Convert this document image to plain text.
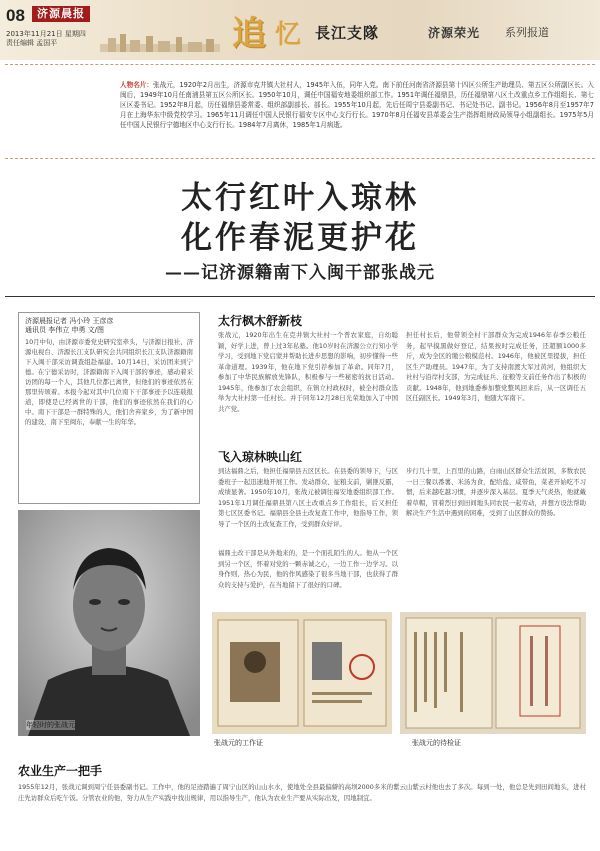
08	济源晨报
2013年11月21日 星期四
责任编辑 孟国平	追 忆 長江支隊	济源荣光 系列报道
人物名片：张战元，1920年2月出生，济源市克井镇大社村人，1945年入伍，同年入党。南下前任河南省济源县第十四区公所生产助理员、第五区公所副区长。入闽后，1949年10月任南浦县第五区公所区长。1950年10月，调任中国福安地委组织部工作。1951年调任福鼎县，历任福鼎第八区土改重点乡工作组组长、第七区区委书记。1952年8月起，历任福鼎县委常委、组织部副部长、部长。1955年10月起，先后任周宁县委副书记、书记处书记、副书记。1956年8月至1957年7月在上海华东中级党校学习。1965年11月调任中国人民银行福安专区中心支行行长。1970年8月任福安县革委会生产指挥组财政局领导小组副组长。1975年5月任中国人民银行宁德地区中心支行行长。1984年7月离休，1985年1月病逝。
太行红叶入琼林
化作春泥更护花
——记济源籍南下入闽干部张战元
济源晨报记者 冯小玲 王彦彦
通讯员 李伟立 申勇 文/图
10月中旬，由济源市委党史研究室牵头，与济源日报社、济源电视台、济源长江支队研究会共同组织长江支队济源籍南下入闽干部采访调查组赴福建。10月14日，采访团来到宁德。在宁德采访时，济源籍南下入闽干部的事迹，感动着采访团的每一个人，其他几位都已离世，但他们的事迹依然在那里传颂着。本报今起对其中几位南下干部事迹予以连载报道，即使是已经离世的干部，他们的事迹依然在我们的心中。南下干部是一群特殊的人，他们舍弃家乡，为了新中国的建设，南下至闽东，奉献一生的年华。
年轻时的张战元
太行枫木舒新枝
张战元，1920年出生在克井镇大社村一个普农家庭，自幼聪颖，好学上进，曾上过3年私塾。他10岁时在济源公立行知小学学习，受到地下党启蒙并帮助长进步思想的影响，初步懂得一些革命道理。1939年，他在地下党引荐参加了革命。同年7月，参加了中华民族解放先锋队，积极参与一些秘密的抗日活动。1945年，他参加了农会组织，在镇立村政权时，被全村群众选举为大社村第一任村长。并于同年12月28日光荣地加入了中国共产党。
担任村长后，他带领全村干部群众为完成1946年春季公粮任务，起早摸黑做好登记，结果按时完成任务，还超额1000多斤，成为全区的缴公粮模范村。1946年，他被区里提拔，担任区生产助理员。1947年，为了支持南渡大军过黄河，他组织大社村与沿岸村支部，为完成征兵、征粮等支前任务作出了积极的贡献。1948年，他到地委参加整党整风回来后，从一区调任五区任副区长。1949年3月，他随大军南下。
飞入琼林映山红
到达福鼎之后，他担任福鼎县五区区长。在县委的领导下，与区委班子一起迅速地开展工作。发动群众、征粮支前，剿匪反霸，成绩显著。1950年10月，张战元被调往福安地委组织部工作。1951年1月调任福鼎县第八区土改重点乡工作组长，后又担任第七区区委书记。福鼎县全县土改复查工作中，他指导工作，领导了一个区的土改复查工作，受到群众好评。
福鼎土改干部是从外地来的，是一个面孔陌生的人。他从一个区到另一个区，怀着对党的一颗赤诚之心，一边工作一边学习。以身作则，热心为民，他的作风感染了很多当地干部，也获得了群众的支持与爱护，在当地留下了很好的口碑。
步行几十里，上百里的山路，白雨山区群众生活贫困，多数农民一日三餐以番薯、米汤为食，配给盐、咸带鱼，菜老开始吃不习惯，后来越吃越习惯，并逐步深入基层。夏季天气炎热，他就戴着草帽，冒着烈日到田间地头同农民一起劳动，并想方设法帮助解决生产生活中遇到的困难，受到了山区群众的赞扬。
张战元的工作证	张战元的待检证
农业生产一把手
1955年12月，张战元调到周宁任县委副书记。工作中，他的足迹踏遍了周宁山区的山山水水，使地处全县最偏僻的高坝2000多米的紫云山紫云村他也去了多次。每到一处，他总是先到田间地头，进村庄先访群众后吃午饭。分管农业的他，努力从生产实践中找出规律，用以指导生产，他认为农业生产要从实际出发，因地制宜。
